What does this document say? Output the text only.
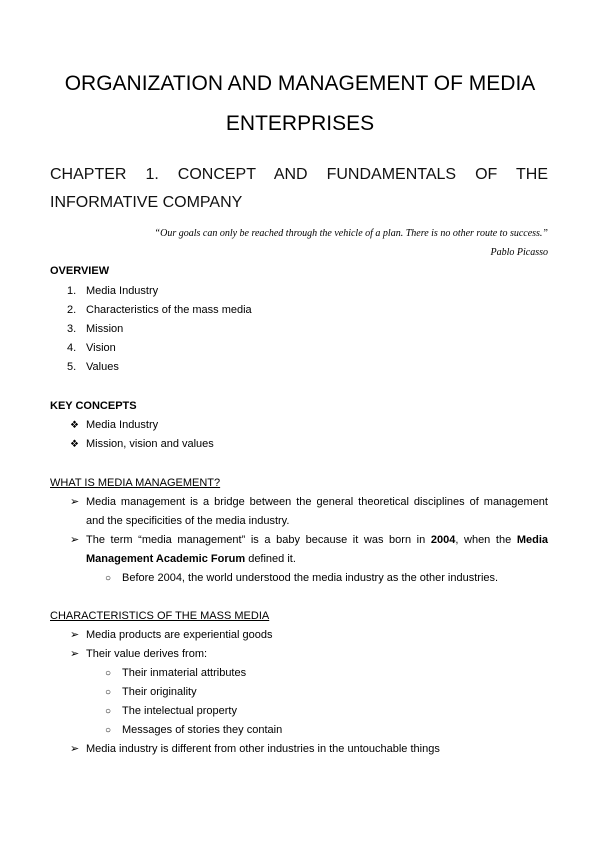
ORGANIZATION AND MANAGEMENT OF MEDIA
ENTERPRISES
CHAPTER 1. CONCEPT AND FUNDAMENTALS OF THE
INFORMATIVE COMPANY
“Our goals can only be reached through the vehicle of a plan. There is no other route to success.”
Pablo Picasso
OVERVIEW
1. Media Industry
2. Characteristics of the mass media
3. Mission
4. Vision
5. Values
KEY CONCEPTS
❖ Media Industry
❖ Mission, vision and values
WHAT IS MEDIA MANAGEMENT?
➢ Media management is a bridge between the general theoretical disciplines of management and the specificities of the media industry.
➢ The term “media management” is a baby because it was born in 2004, when the Media Management Academic Forum defined it.
○ Before 2004, the world understood the media industry as the other industries.
CHARACTERISTICS OF THE MASS MEDIA
➢ Media products are experiential goods
➢ Their value derives from:
○ Their inmaterial attributes
○ Their originality
○ The intelectual property
○ Messages of stories they contain
➢ Media industry is different from other industries in the untouchable things
